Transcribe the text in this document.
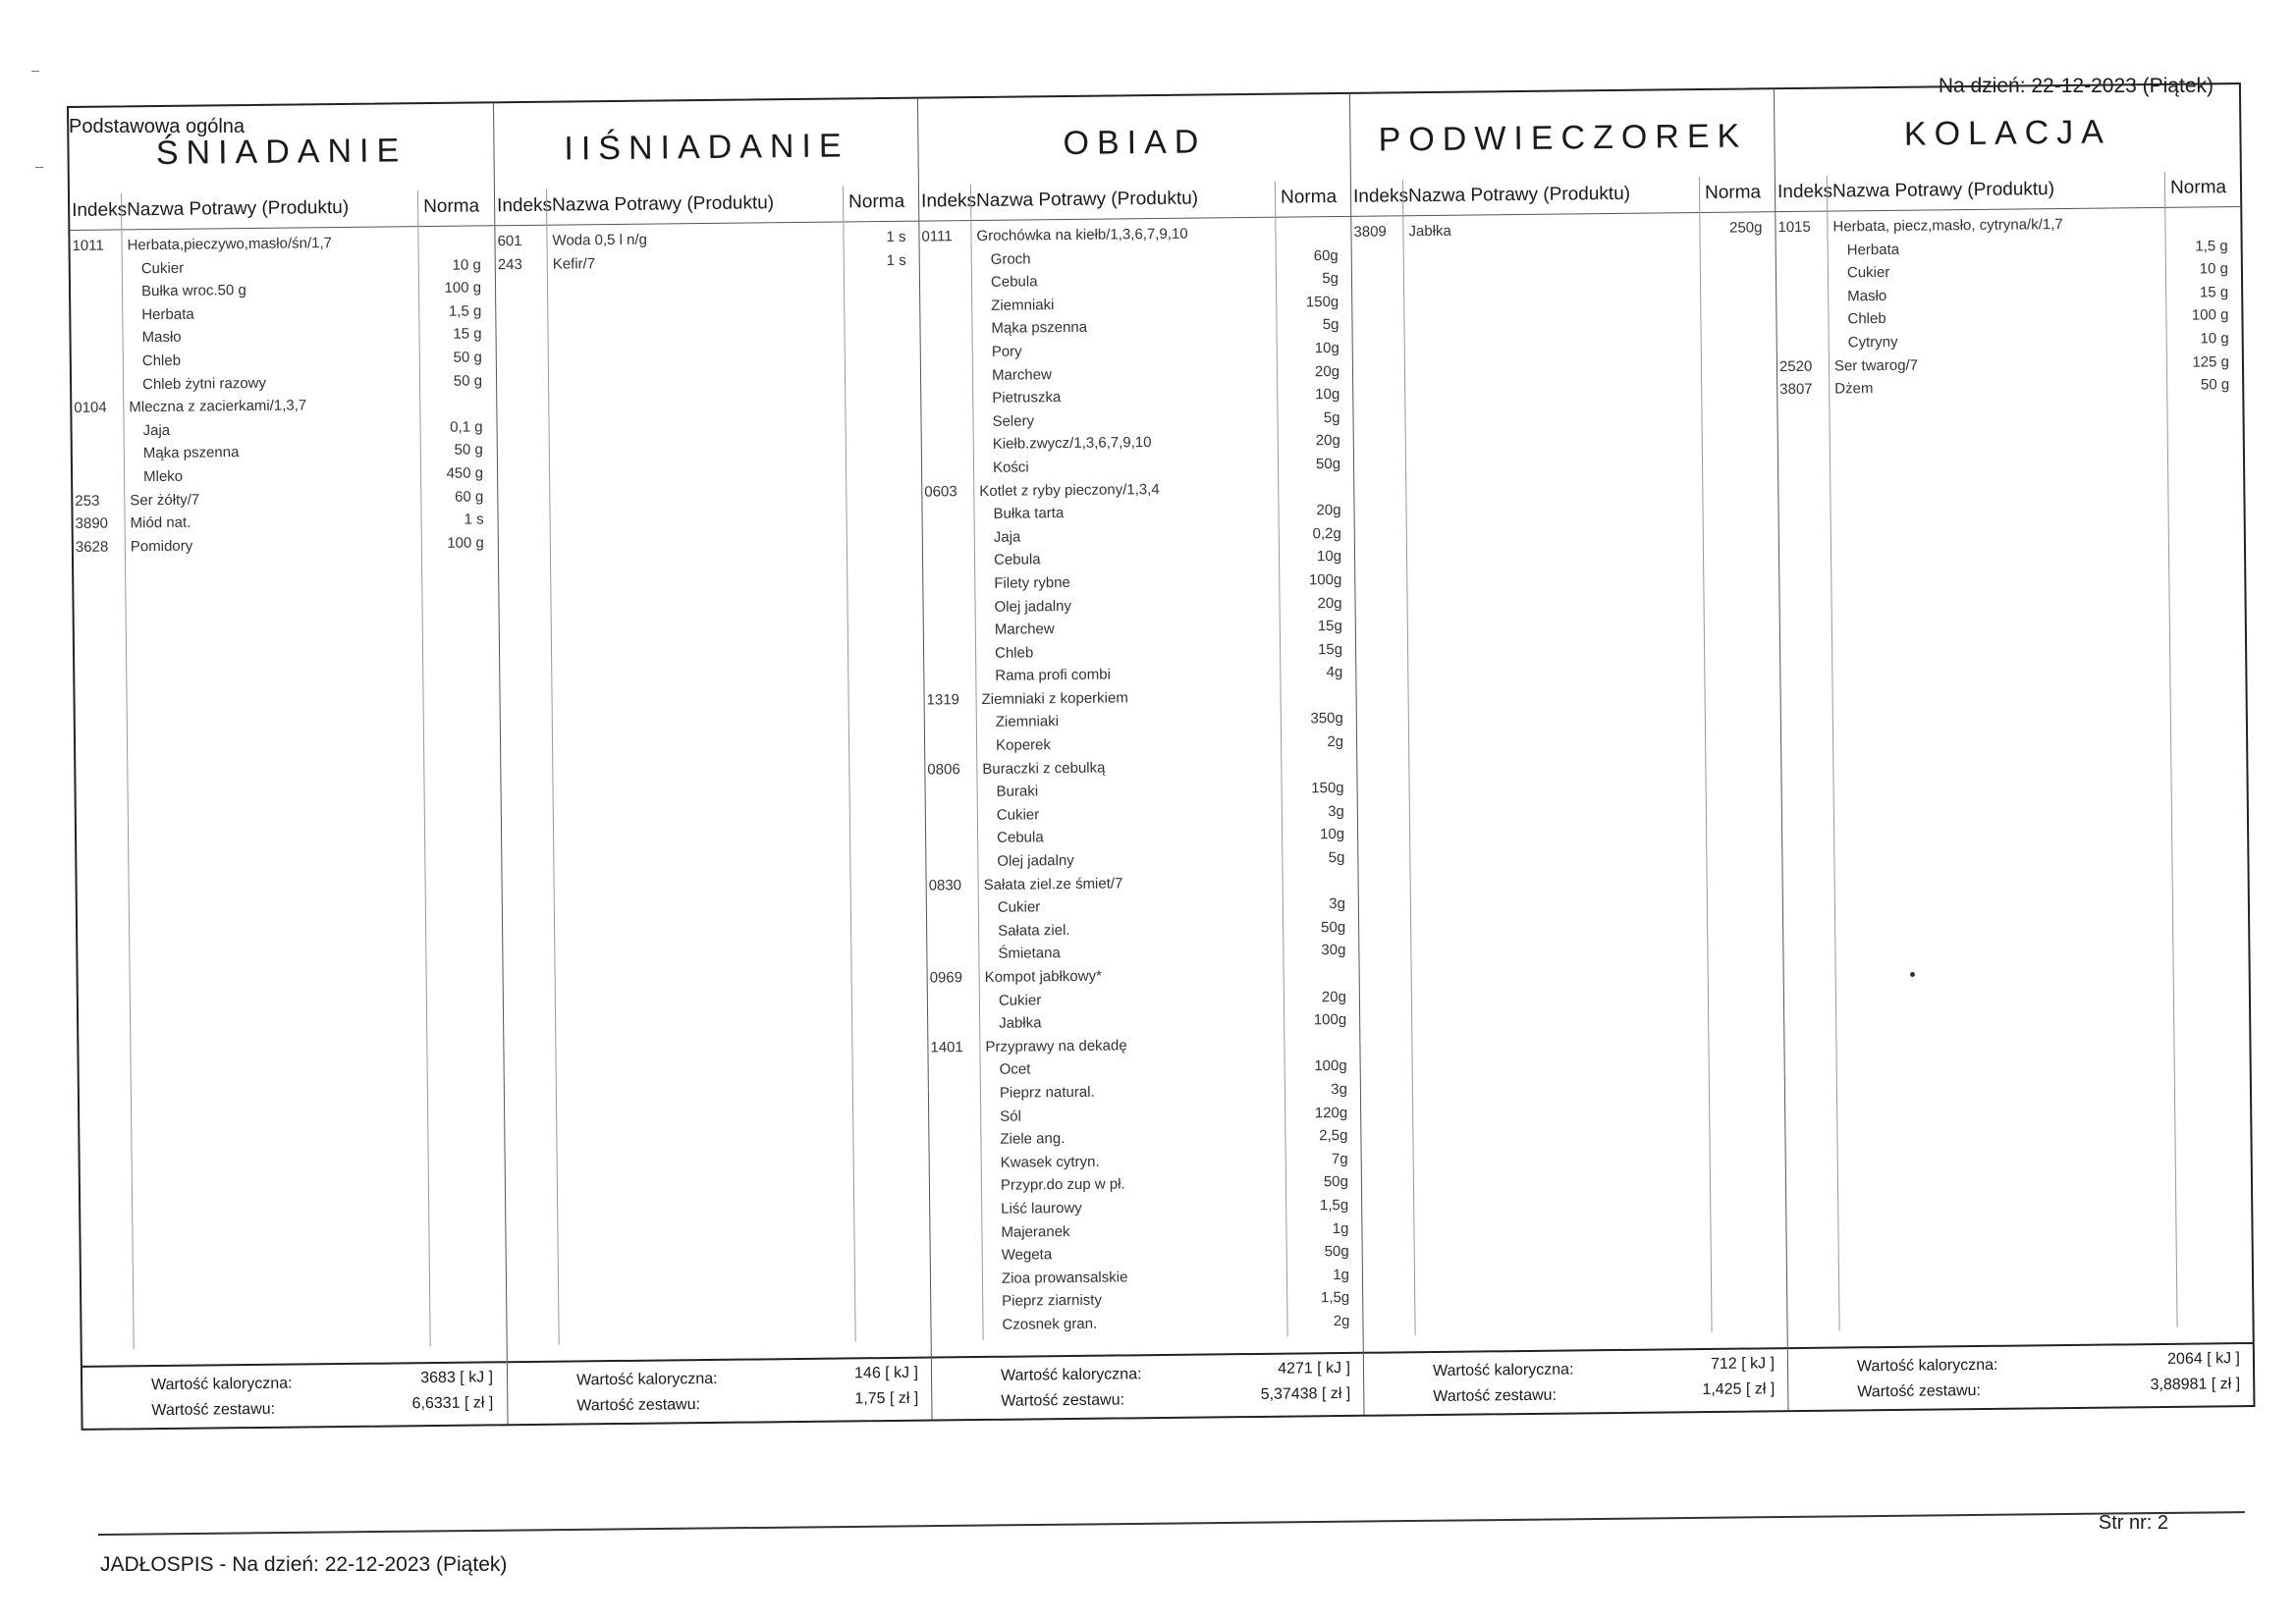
Na dzień: 22-12-2023 (Piątek)
Podstawowa ogólna
ŚNIADANIE
Indeks Nazwa Potrawy (Produktu)	Norma
1011 Herbata,pieczywo,masło/śn/1,7
Cukier	10 g
Bułka wroc.50 g	100 g
Herbata	1,5 g
Masło	15 g
Chleb	50 g
Chleb żytni razowy	50 g
0104 Mleczna z zacierkami/1,3,7
Jaja	0,1 g
Mąka pszenna	50 g
Mleko	450 g
253 Ser żółty/7	60 g
3890 Miód nat.	1 s
3628 Pomidory	100 g
Wartość kaloryczna:	3683 [ kJ ]
Wartość zestawu:	6,6331 [ zł ]
IIŚNIADANIE
Indeks Nazwa Potrawy (Produktu)	Norma
601 Woda 0,5 l n/g	1 s
243 Kefir/7	1 s
Wartość kaloryczna:	146 [ kJ ]
Wartość zestawu:	1,75 [ zł ]
OBIAD
Indeks Nazwa Potrawy (Produktu)	Norma
0111 Grochówka na kiełb/1,3,6,7,9,10
Groch	60g
Cebula	5g
Ziemniaki	150g
Mąka pszenna	5g
Pory	10g
Marchew	20g
Pietruszka	10g
Selery	5g
Kiełb.zwycz/1,3,6,7,9,10	20g
Kości	50g
0603 Kotlet z ryby pieczony/1,3,4
Bułka tarta	20g
Jaja	0,2g
Cebula	10g
Filety rybne	100g
Olej jadalny	20g
Marchew	15g
Chleb	15g
Rama profi combi	4g
1319 Ziemniaki z koperkiem
Ziemniaki	350g
Koperek	2g
0806 Buraczki z cebulką
Buraki	150g
Cukier	3g
Cebula	10g
Olej jadalny	5g
0830 Sałata ziel.ze śmiet/7
Cukier	3g
Sałata ziel.	50g
Śmietana	30g
0969 Kompot jabłkowy*
Cukier	20g
Jabłka	100g
1401 Przyprawy na dekadę
Ocet	100g
Pieprz natural.	3g
Sól	120g
Ziele ang.	2,5g
Kwasek cytryn.	7g
Przypr.do zup w pł.	50g
Liść laurowy	1,5g
Majeranek	1g
Wegeta	50g
Zioa prowansalskie	1g
Pieprz ziarnisty	1,5g
Czosnek gran.	2g
Wartość kaloryczna:	4271 [ kJ ]
Wartość zestawu:	5,37438 [ zł ]
PODWIECZOREK
Indeks Nazwa Potrawy (Produktu)	Norma
3809 Jabłka	250g
Wartość kaloryczna:	712 [ kJ ]
Wartość zestawu:	1,425 [ zł ]
KOLACJA
Indeks Nazwa Potrawy (Produktu)	Norma
1015 Herbata, piecz,masło, cytryna/k/1,7
Herbata	1,5 g
Cukier	10 g
Masło	15 g
Chleb	100 g
Cytryny	10 g
2520 Ser twarog/7	125 g
3807 Dżem	50 g
Wartość kaloryczna:	2064 [ kJ ]
Wartość zestawu:	3,88981 [ zł ]
Str nr: 2
JADŁOSPIS - Na dzień: 22-12-2023 (Piątek)
